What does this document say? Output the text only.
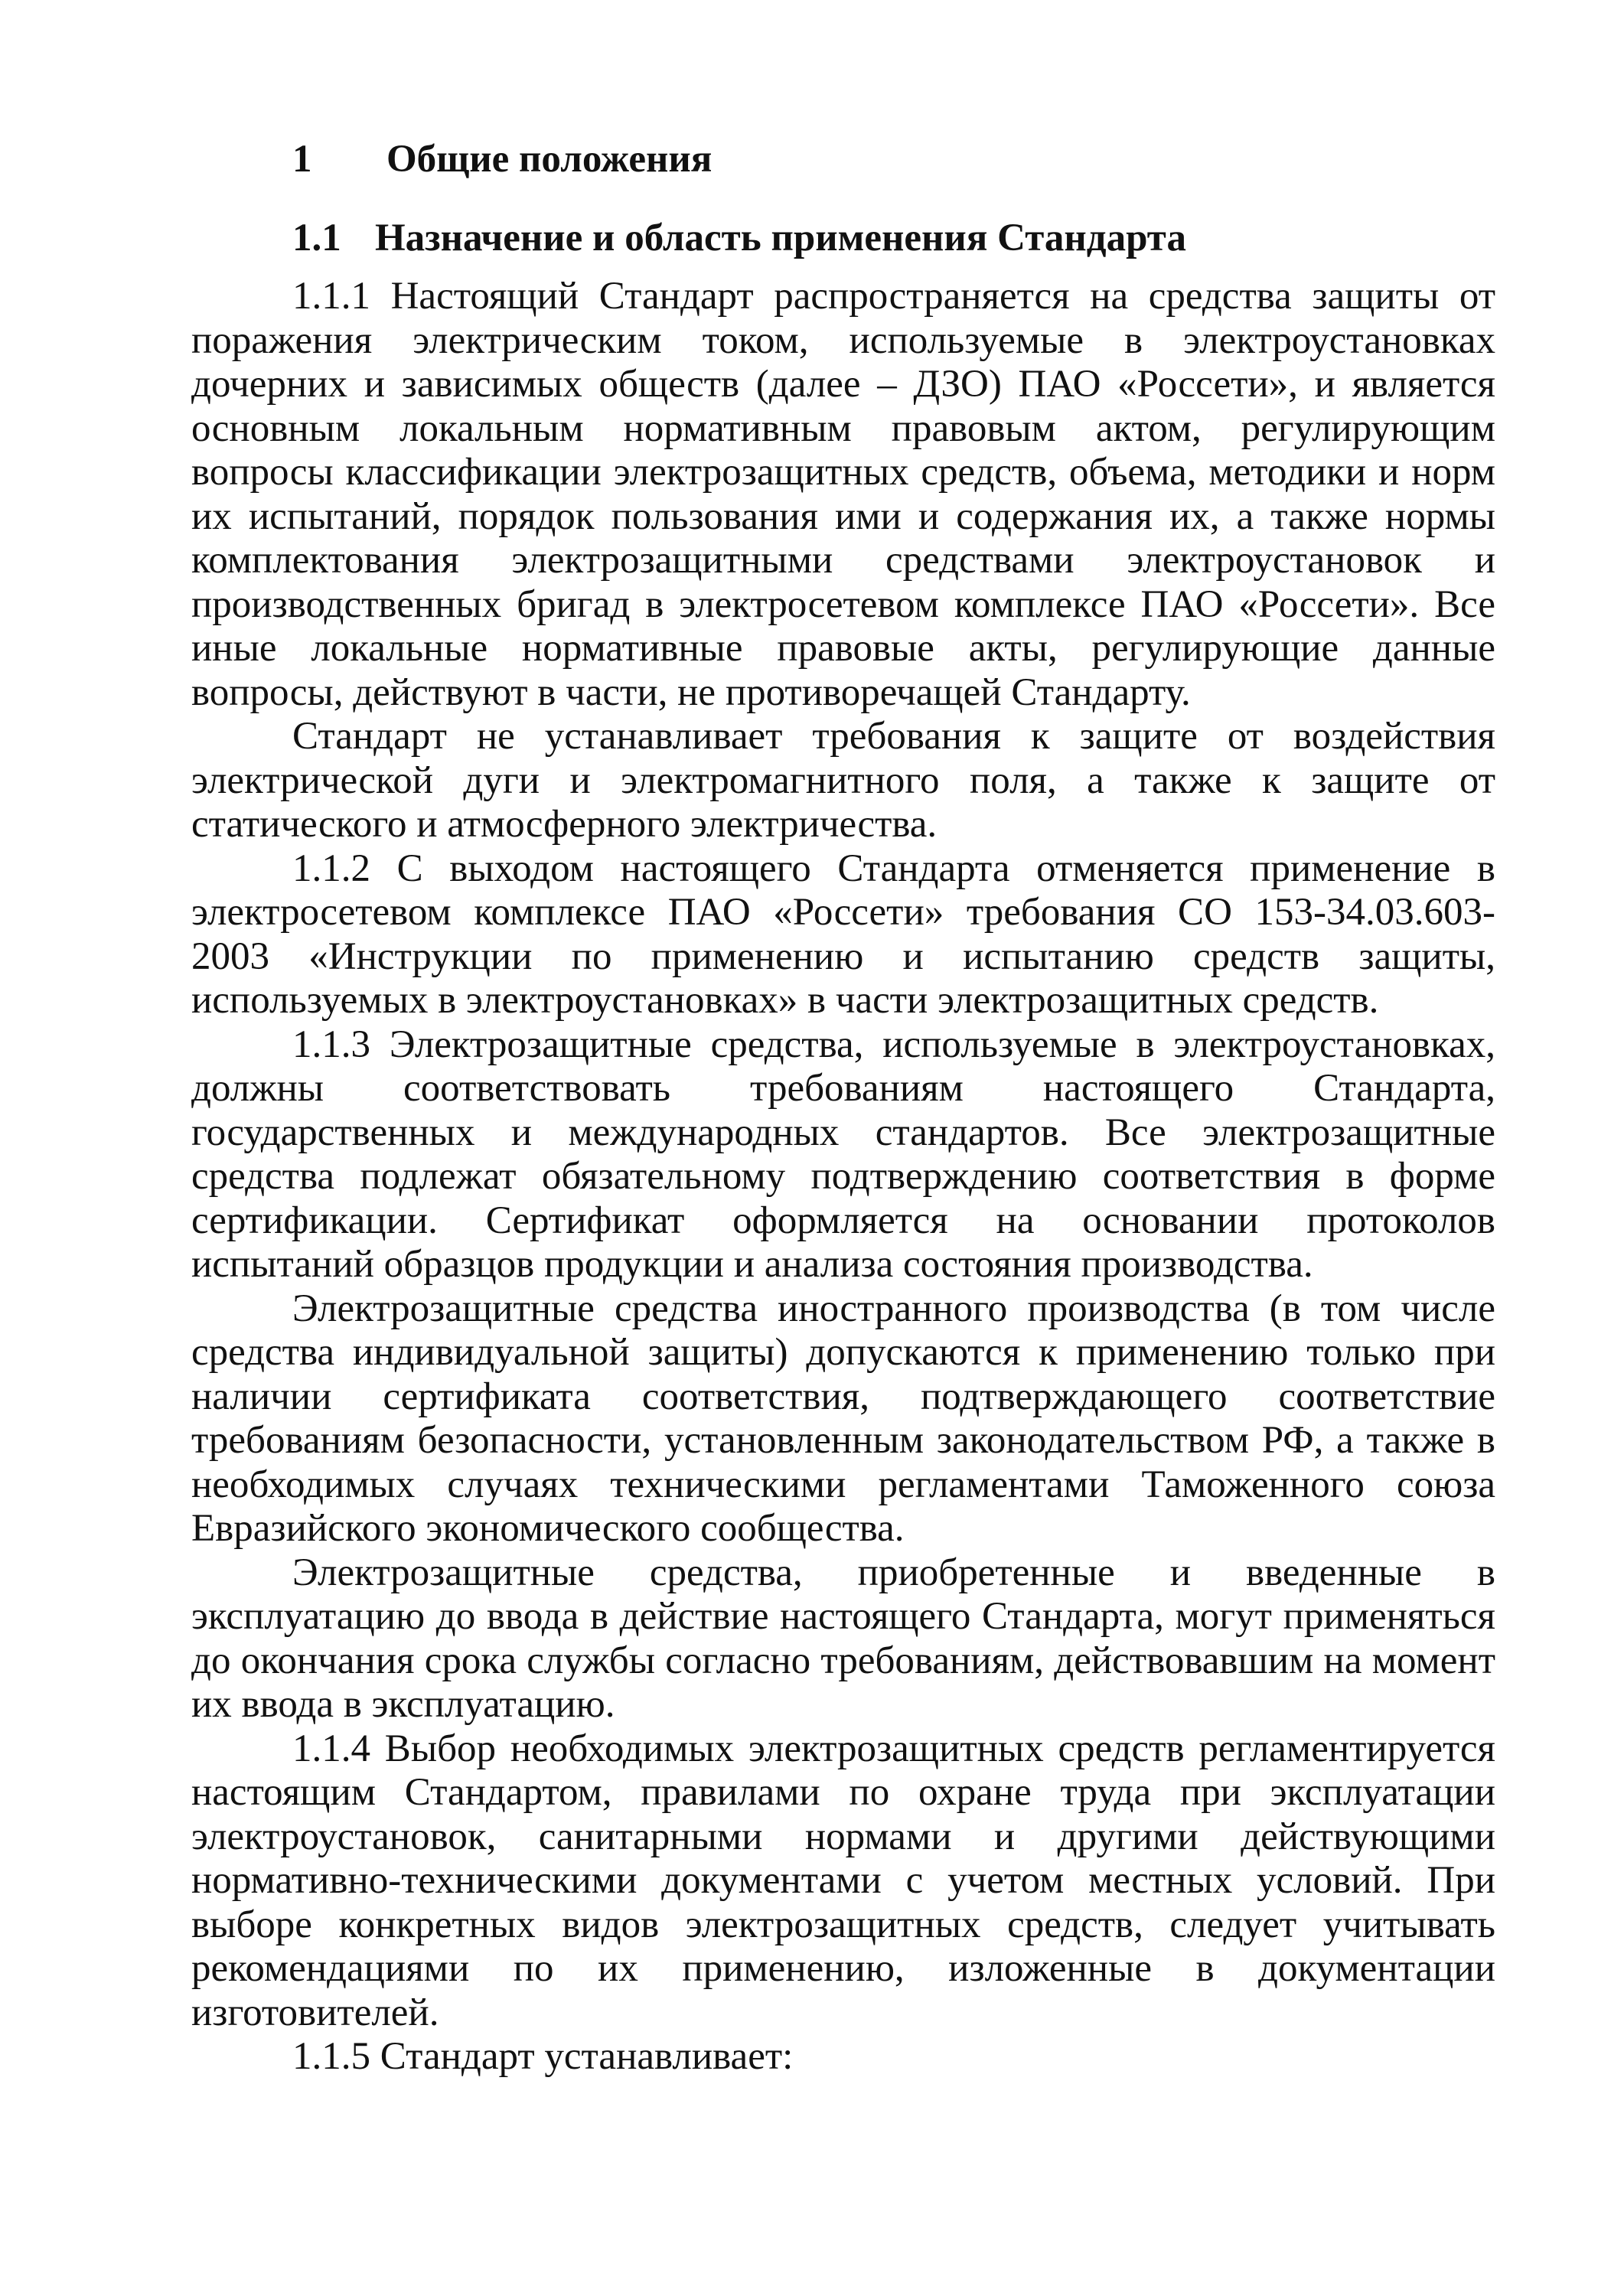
1 Общие положения
1.1 Назначение и область применения Стандарта

1.1.1 Настоящий Стандарт распространяется на средства защиты от поражения электрическим током, используемые в электроустановках дочерних и зависимых обществ (далее – ДЗО) ПАО «Россети», и является основным локальным нормативным правовым актом, регулирующим вопросы классификации электрозащитных средств, объема, методики и норм их испытаний, порядок пользования ими и содержания их, а также нормы комплектования электрозащитными средствами электроустановок и производственных бригад в электросетевом комплексе ПАО «Россети». Все иные локальные нормативные правовые акты, регулирующие данные вопросы, действуют в части, не противоречащей Стандарту.

Стандарт не устанавливает требования к защите от воздействия электрической дуги и электромагнитного поля, а также к защите от статического и атмосферного электричества.

1.1.2 С выходом настоящего Стандарта отменяется применение в электросетевом комплексе ПАО «Россети» требования СО 153-34.03.603-2003 «Инструкции по применению и испытанию средств защиты, используемых в электроустановках» в части электрозащитных средств.

1.1.3 Электрозащитные средства, используемые в электроустановках, должны соответствовать требованиям настоящего Стандарта, государственных и международных стандартов. Все электрозащитные средства подлежат обязательному подтверждению соответствия в форме сертификации. Сертификат оформляется на основании протоколов испытаний образцов продукции и анализа состояния производства.

Электрозащитные средства иностранного производства (в том числе средства индивидуальной защиты) допускаются к применению только при наличии сертификата соответствия, подтверждающего соответствие требованиям безопасности, установленным законодательством РФ, а также в необходимых случаях техническими регламентами Таможенного союза Евразийского экономического сообщества.

Электрозащитные средства, приобретенные и введенные в эксплуатацию до ввода в действие настоящего Стандарта, могут применяться до окончания срока службы согласно требованиям, действовавшим на момент их ввода в эксплуатацию.

1.1.4 Выбор необходимых электрозащитных средств регламентируется настоящим Стандартом, правилами по охране труда при эксплуатации электроустановок, санитарными нормами и другими действующими нормативно-техническими документами с учетом местных условий. При выборе конкретных видов электрозащитных средств, следует учитывать рекомендациями по их применению, изложенные в документации изготовителей.

1.1.5 Стандарт устанавливает:
